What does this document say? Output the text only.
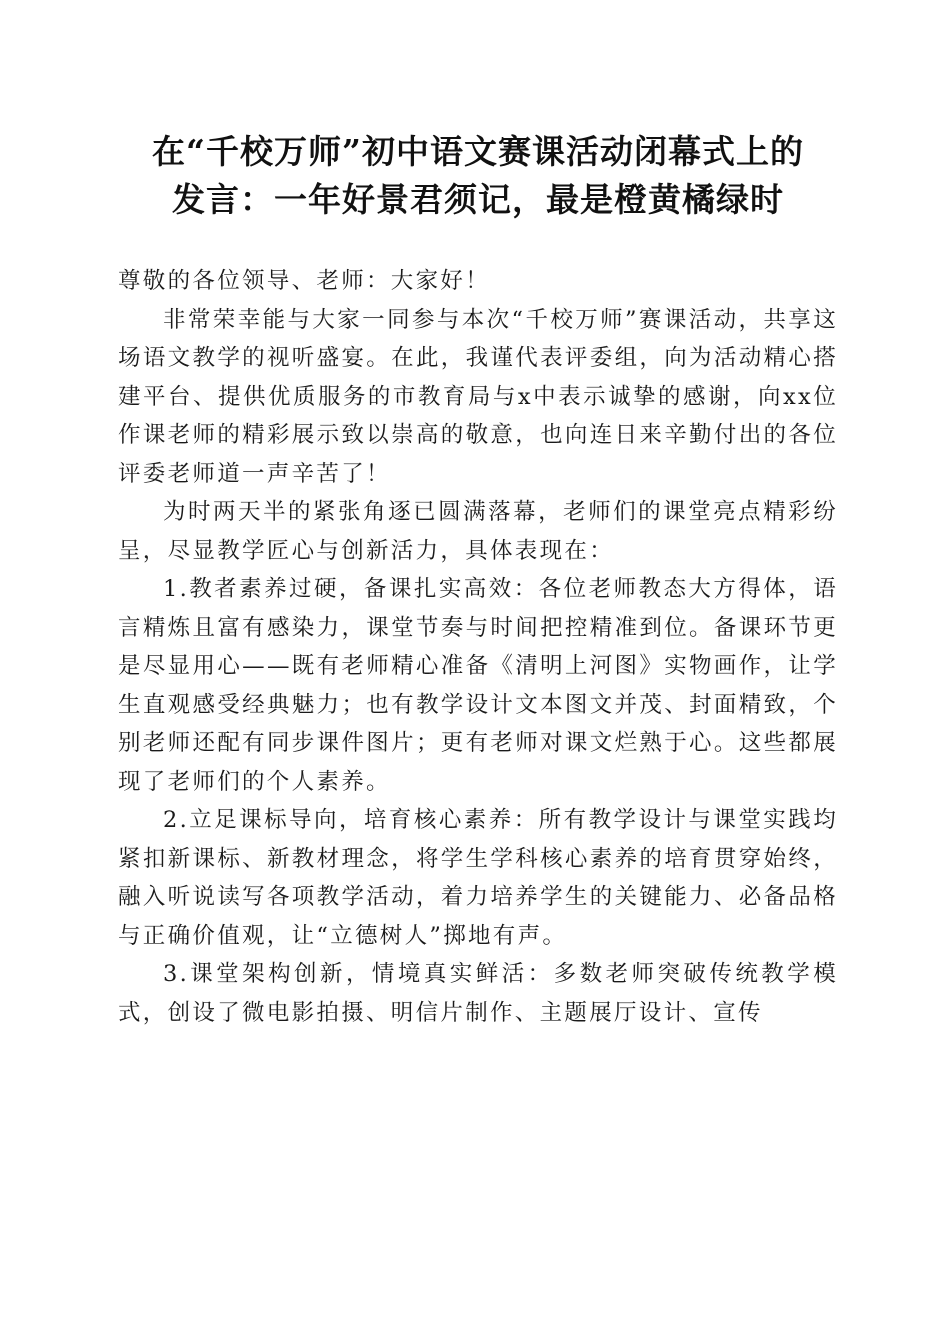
在“千校万师”初中语文赛课活动闭幕式上的
发言：一年好景君须记，最是橙黄橘绿时

尊敬的各位领导、老师：大家好！

非常荣幸能与大家一同参与本次“千校万师”赛课活动，共享这场语文教学的视听盛宴。在此，我谨代表评委组，向为活动精心搭建平台、提供优质服务的市教育局与x中表示诚挚的感谢，向xx位作课老师的精彩展示致以崇高的敬意，也向连日来辛勤付出的各位评委老师道一声辛苦了！

为时两天半的紧张角逐已圆满落幕，老师们的课堂亮点精彩纷呈，尽显教学匠心与创新活力，具体表现在：

1.教者素养过硬，备课扎实高效：各位老师教态大方得体，语言精炼且富有感染力，课堂节奏与时间把控精准到位。备课环节更是尽显用心——既有老师精心准备《清明上河图》实物画作，让学生直观感受经典魅力；也有教学设计文本图文并茂、封面精致，个别老师还配有同步课件图片；更有老师对课文烂熟于心。这些都展现了老师们的个人素养。

2.立足课标导向，培育核心素养：所有教学设计与课堂实践均紧扣新课标、新教材理念，将学生学科核心素养的培育贯穿始终，融入听说读写各项教学活动，着力培养学生的关键能力、必备品格与正确价值观，让“立德树人”掷地有声。

3.课堂架构创新，情境真实鲜活：多数老师突破传统教学模式，创设了微电影拍摄、明信片制作、主题展厅设计、宣传
